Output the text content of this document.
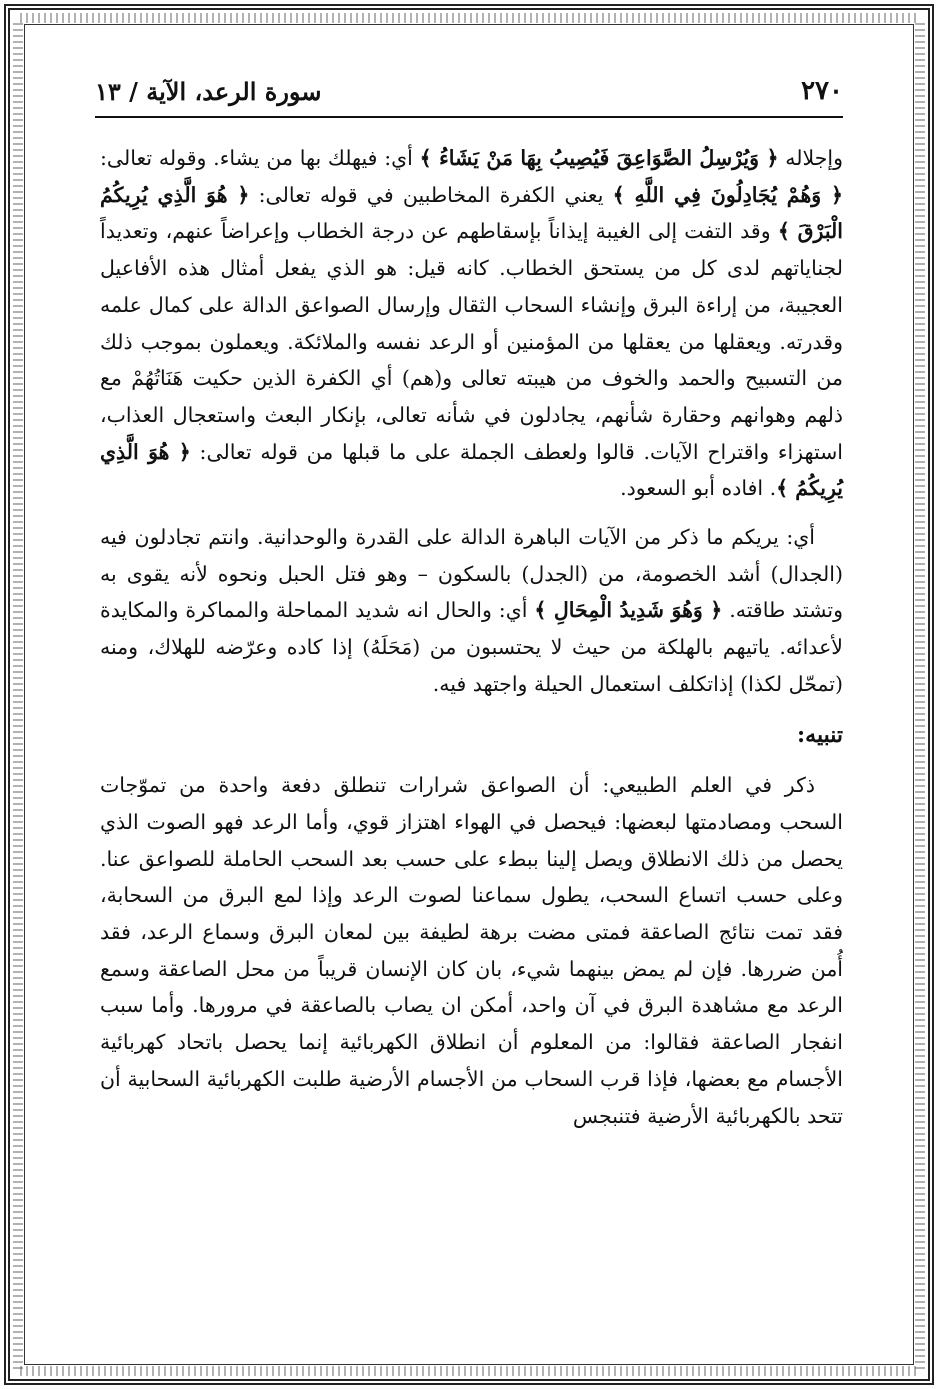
٢٧٠
سورة الرعد، الآية / ١٣

وإجلاله ﴿ وَيُرْسِلُ الصَّوَاعِقَ فَيُصِيبُ بِهَا مَنْ يَشَاءُ ﴾ أي: فيهلك بها من يشاء. وقوله تعالى: ﴿ وَهُمْ يُجَادِلُونَ فِي اللَّهِ ﴾ يعني الكفرة المخاطبين في قوله تعالى: ﴿ هُوَ الَّذِي يُرِيكُمُ الْبَرْقَ ﴾ وقد التفت إلى الغيبة إيذاناً بإسقاطهم عن درجة الخطاب وإعراضاً عنهم، وتعديداً لجناياتهم لدى كل من يستحق الخطاب. كانه قيل: هو الذي يفعل أمثال هذه الأفاعيل العجيبة، من إراءة البرق وإنشاء السحاب الثقال وإرسال الصواعق الدالة على كمال علمه وقدرته. ويعقلها من يعقلها من المؤمنين أو الرعد نفسه والملائكة. ويعملون بموجب ذلك من التسبيح والحمد والخوف من هيبته تعالى و(هم) أي الكفرة الذين حكيت هَنَاتُهُمْ مع ذلهم وهوانهم وحقارة شأنهم، يجادلون في شأنه تعالى، بإنكار البعث واستعجال العذاب، استهزاء واقتراح الآيات. قالوا ولعطف الجملة على ما قبلها من قوله تعالى: ﴿ هُوَ الَّذِي يُرِيكُمُ ﴾. افاده أبو السعود.

أي: يريكم ما ذكر من الآيات الباهرة الدالة على القدرة والوحدانية. وانتم تجادلون فيه (الجدال) أشد الخصومة، من (الجدل) بالسكون – وهو فتل الحبل ونحوه لأنه يقوى به وتشتد طاقته. ﴿ وَهُوَ شَدِيدُ الْمِحَالِ ﴾ أي: والحال انه شديد المماحلة والمماكرة والمكايدة لأعدائه. ياتيهم بالهلكة من حيث لا يحتسبون من (مَحَلَهُ) إذا كاده وعرّضه للهلاك، ومنه (تمحّل لكذا) إذاتكلف استعمال الحيلة واجتهد فيه.

تنبيه:

ذكر في العلم الطبيعي: أن الصواعق شرارات تنطلق دفعة واحدة من تموّجات السحب ومصادمتها لبعضها: فيحصل في الهواء اهتزاز قوي، وأما الرعد فهو الصوت الذي يحصل من ذلك الانطلاق ويصل إلينا ببطء على حسب بعد السحب الحاملة للصواعق عنا. وعلى حسب اتساع السحب، يطول سماعنا لصوت الرعد وإذا لمع البرق من السحابة، فقد تمت نتائج الصاعقة فمتى مضت برهة لطيفة بين لمعان البرق وسماع الرعد، فقد أُمن ضررها. فإن لم يمض بينهما شيء، بان كان الإنسان قريباً من محل الصاعقة وسمع الرعد مع مشاهدة البرق في آن واحد، أمكن ان يصاب بالصاعقة في مرورها. وأما سبب انفجار الصاعقة فقالوا: من المعلوم أن انطلاق الكهربائية إنما يحصل باتحاد كهربائية الأجسام مع بعضها، فإذا قرب السحاب من الأجسام الأرضية طلبت الكهربائية السحابية أن تتحد بالكهربائية الأرضية فتنبجس
